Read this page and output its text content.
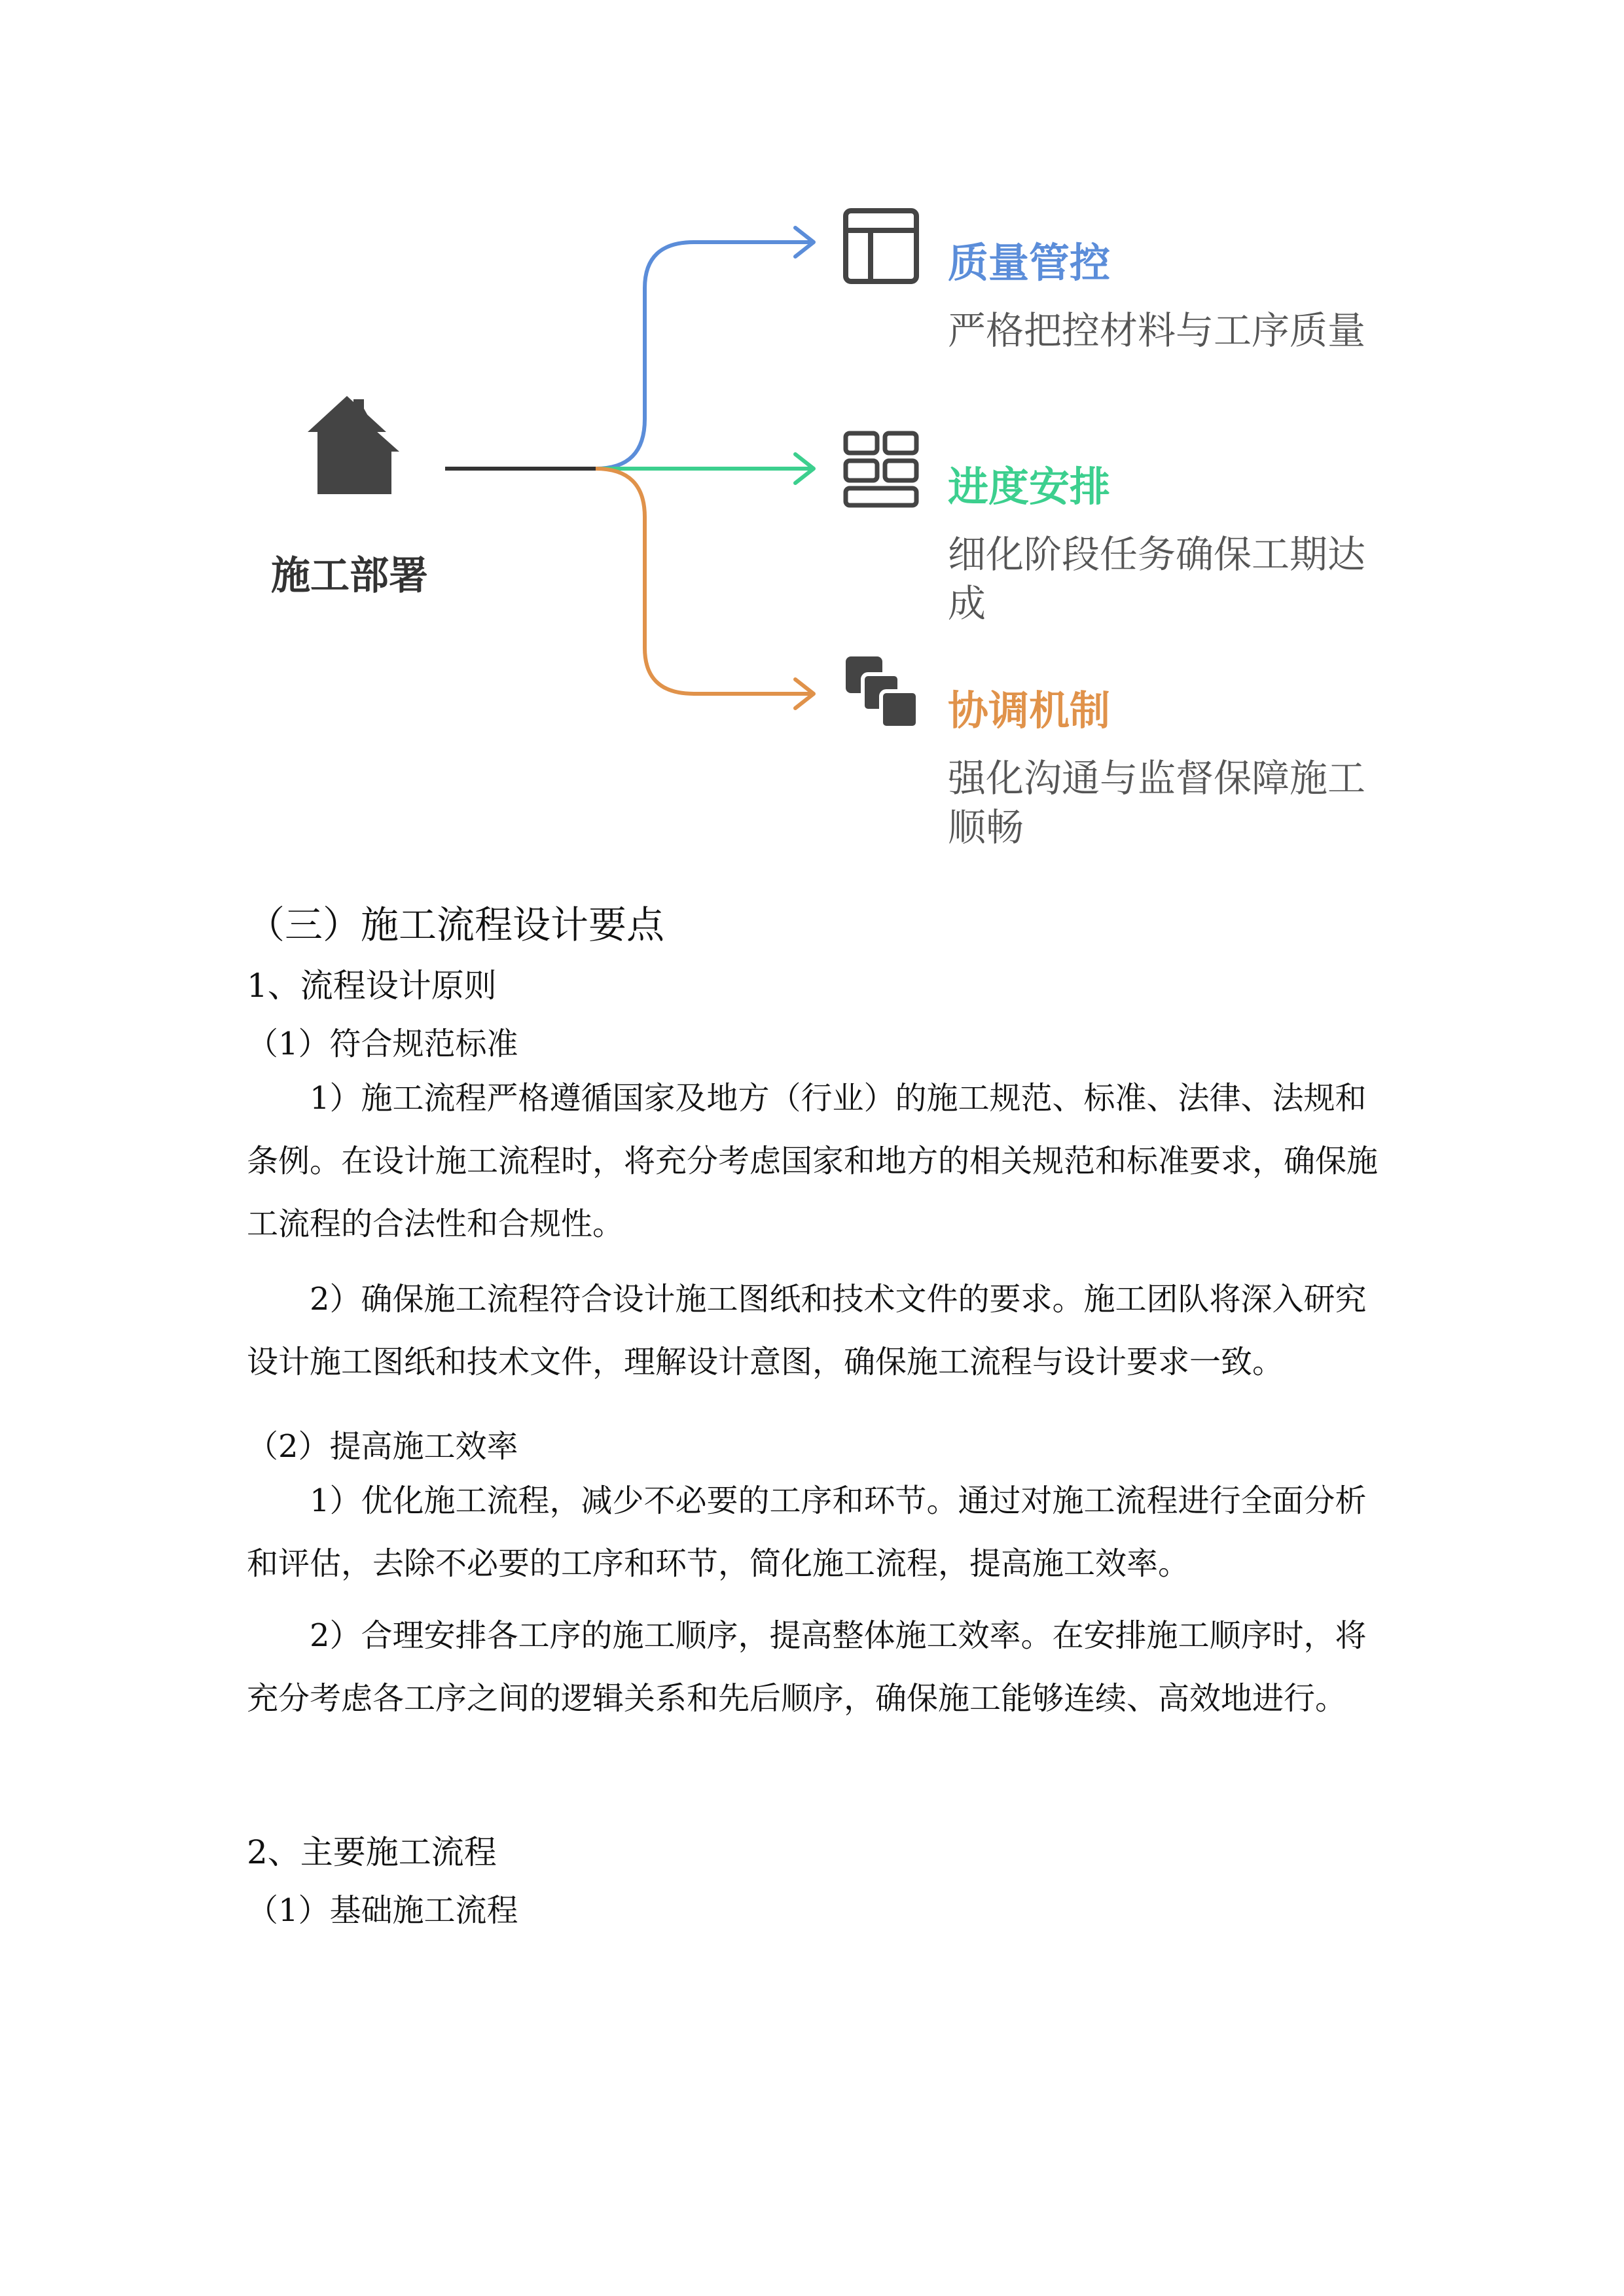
施工部署
质量管控
严格把控材料与工序质量
进度安排
细化阶段任务确保工期达成
协调机制
强化沟通与监督保障施工顺畅
（三）施工流程设计要点
1、流程设计原则
（1）符合规范标准

1）施工流程严格遵循国家及地方（行业）的施工规范、标准、法律、法规和条例。在设计施工流程时，将充分考虑国家和地方的相关规范和标准要求，确保施工流程的合法性和合规性。

2）确保施工流程符合设计施工图纸和技术文件的要求。施工团队将深入研究设计施工图纸和技术文件，理解设计意图，确保施工流程与设计要求一致。

（2）提高施工效率

1）优化施工流程，减少不必要的工序和环节。通过对施工流程进行全面分析和评估，去除不必要的工序和环节，简化施工流程，提高施工效率。

2）合理安排各工序的施工顺序，提高整体施工效率。在安排施工顺序时，将充分考虑各工序之间的逻辑关系和先后顺序，确保施工能够连续、高效地进行。

2、主要施工流程
（1）基础施工流程
